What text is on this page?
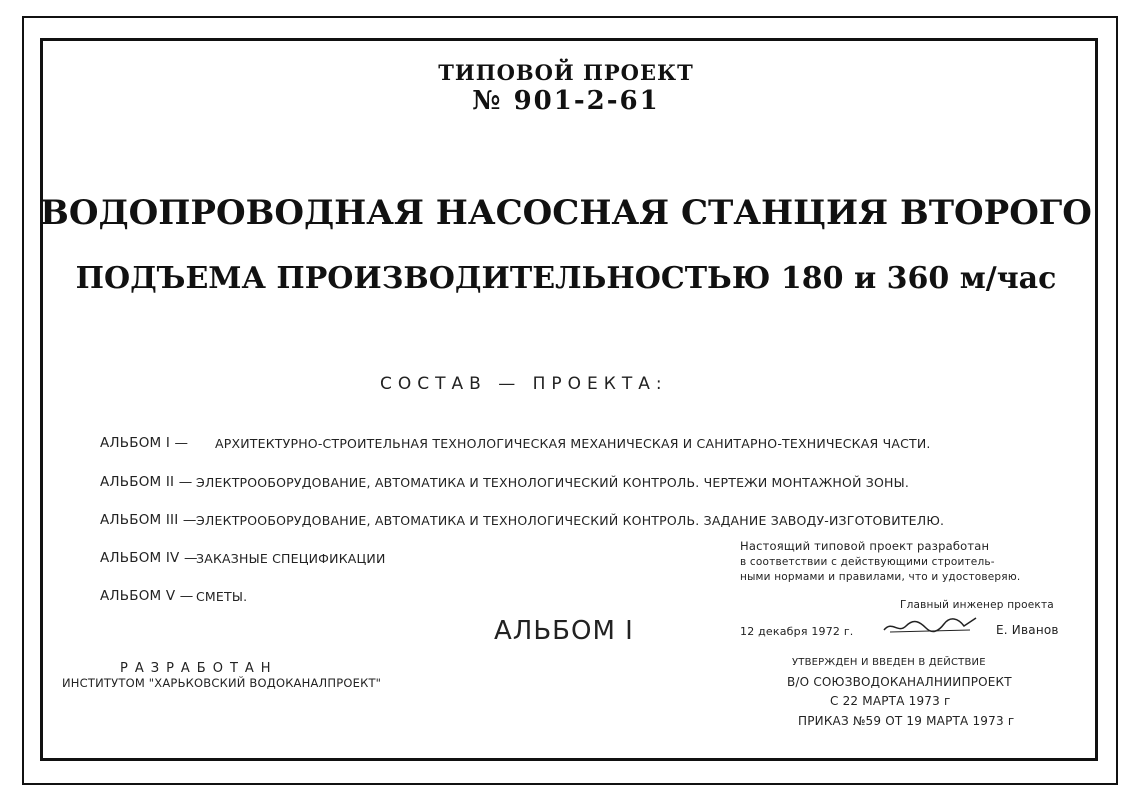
ТИПОВОЙ ПРОЕКТ
№ 901-2-61
ВОДОПРОВОДНАЯ НАСОСНАЯ СТАНЦИЯ ВТОРОГО
ПОДЪЕМА ПРОИЗВОДИТЕЛЬНОСТЬЮ 180 и 360 м/час
СОСТАВ — ПРОЕКТА:
АЛЬБОМ I — АРХИТЕКТУРНО-СТРОИТЕЛЬНАЯ ТЕХНОЛОГИЧЕСКАЯ МЕХАНИЧЕСКАЯ И САНИТАРНО-ТЕХНИЧЕСКАЯ ЧАСТИ.
АЛЬБОМ II — ЭЛЕКТРООБОРУДОВАНИЕ, АВТОМАТИКА И ТЕХНОЛОГИЧЕСКИЙ КОНТРОЛЬ. ЧЕРТЕЖИ МОНТАЖНОЙ ЗОНЫ.
АЛЬБОМ III — ЭЛЕКТРООБОРУДОВАНИЕ, АВТОМАТИКА И ТЕХНОЛОГИЧЕСКИЙ КОНТРОЛЬ. ЗАДАНИЕ ЗАВОДУ-ИЗГОТОВИТЕЛЮ.
АЛЬБОМ IV —
ЗАКАЗНЫЕ СПЕЦИФИКАЦИИ
АЛЬБОМ V — СМЕТЫ.
АЛЬБОМ I
Настоящий типовой проект разработан
в соответствии с действующими строитель-
ными нормами и правилами, что и удостоверяю.
Главный инженер проекта
12 декабря 1972 г.	Е. Иванов
РАЗРАБОТАН
ИНСТИТУТОМ "ХАРЬКОВСКИЙ ВОДОКАНАЛПРОЕКТ"
УТВЕРЖДЕН И ВВЕДЕН В ДЕЙСТВИЕ
В/О СОЮЗВОДОКАНАЛНИИПРОЕКТ
С 22 МАРТА 1973 г
ПРИКАЗ №59 ОТ 19 МАРТА 1973 г
